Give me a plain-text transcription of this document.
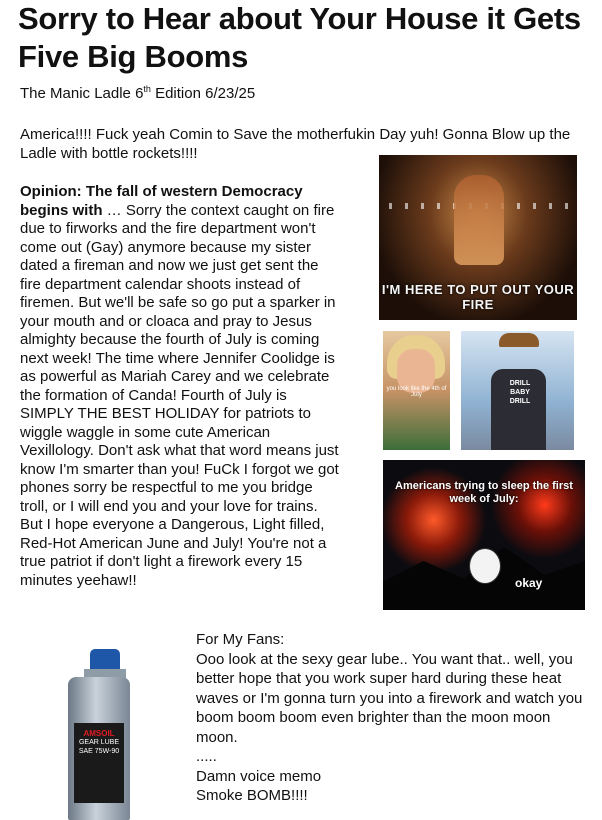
Sorry to Hear about Your House it Gets Five Big Booms
The Manic Ladle 6th Edition 6/23/25
America!!!! Fuck yeah Comin to Save the motherfukin Day yuh! Gonna Blow up the Ladle with bottle rockets!!!!
Opinion: The fall of western Democracy begins with … Sorry the context caught on fire due to firworks and the fire department won't come out (Gay) anymore because my sister dated a fireman and now we just get sent the fire department calendar shoots instead of firemen. But we'll be safe so go put a sparker in your mouth and or cloaca and pray to Jesus almighty because the fourth of July is coming next week! The time where Jennifer Coolidge is as powerful as Mariah Carey and we celebrate the formation of Canda! Fourth of July is SIMPLY THE BEST HOLIDAY for patriots to wiggle waggle in some cute American Vexillology. Don't ask what that word means just know I'm smarter than you! FuCk I forgot we got phones sorry be respectful to me you bridge troll, or I will end you and your love for trains. But I hope everyone a Dangerous, Light filled, Red-Hot American June and July! You're not a true patriot if don't light a firework every 15 minutes yeehaw!!
I'M HERE TO PUT OUT YOUR FIRE
you look like the 4th of July
DRILL BABY DRILL
Americans trying to sleep the first week of July:
okay
AMSOIL
GEAR LUBE
SAE 75W-90
For My Fans:
Ooo look at the sexy gear lube.. You want that.. well, you better hope that you work super hard during these heat waves or I'm gonna turn you into a firework and watch you boom boom boom even brighter than the moon moon moon.
.....
Damn voice memo
Smoke BOMB!!!!
